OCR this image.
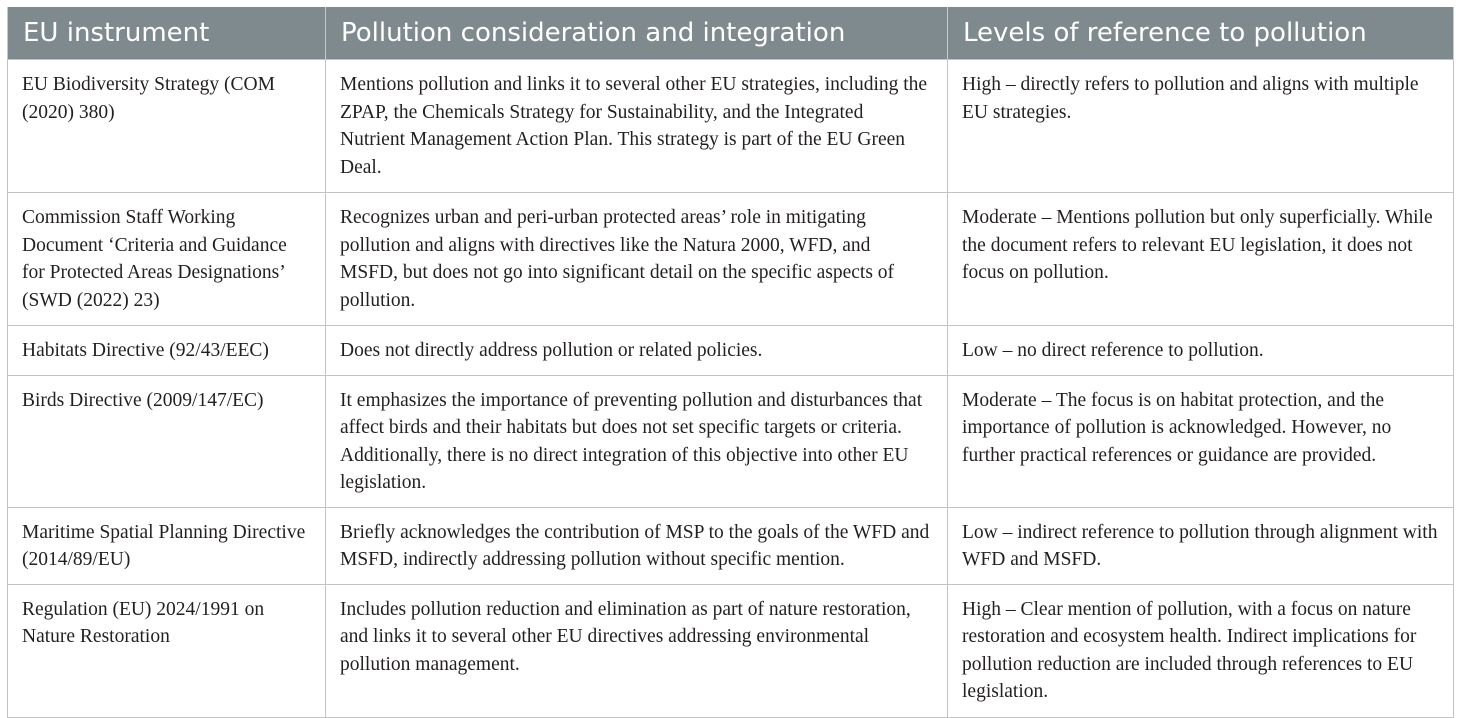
EU instrument	Pollution consideration and integration	Levels of reference to pollution
EU Biodiversity Strategy (COM (2020) 380)	Mentions pollution and links it to several other EU strategies, including the ZPAP, the Chemicals Strategy for Sustainability, and the Integrated Nutrient Management Action Plan. This strategy is part of the EU Green Deal.	High – directly refers to pollution and aligns with multiple EU strategies.
Commission Staff Working Document ‘Criteria and Guidance for Protected Areas Designations’ (SWD (2022) 23)	Recognizes urban and peri-urban protected areas’ role in mitigating pollution and aligns with directives like the Natura 2000, WFD, and MSFD, but does not go into significant detail on the specific aspects of pollution.	Moderate – Mentions pollution but only superficially. While the document refers to relevant EU legislation, it does not focus on pollution.
Habitats Directive (92/43/EEC)	Does not directly address pollution or related policies.	Low – no direct reference to pollution.
Birds Directive (2009/147/EC)	It emphasizes the importance of preventing pollution and disturbances that affect birds and their habitats but does not set specific targets or criteria. Additionally, there is no direct integration of this objective into other EU legislation.	Moderate – The focus is on habitat protection, and the importance of pollution is acknowledged. However, no further practical references or guidance are provided.
Maritime Spatial Planning Directive (2014/89/EU)	Briefly acknowledges the contribution of MSP to the goals of the WFD and MSFD, indirectly addressing pollution without specific mention.	Low – indirect reference to pollution through alignment with WFD and MSFD.
Regulation (EU) 2024/1991 on Nature Restoration	Includes pollution reduction and elimination as part of nature restoration, and links it to several other EU directives addressing environmental pollution management.	High – Clear mention of pollution, with a focus on nature restoration and ecosystem health. Indirect implications for pollution reduction are included through references to EU legislation.
